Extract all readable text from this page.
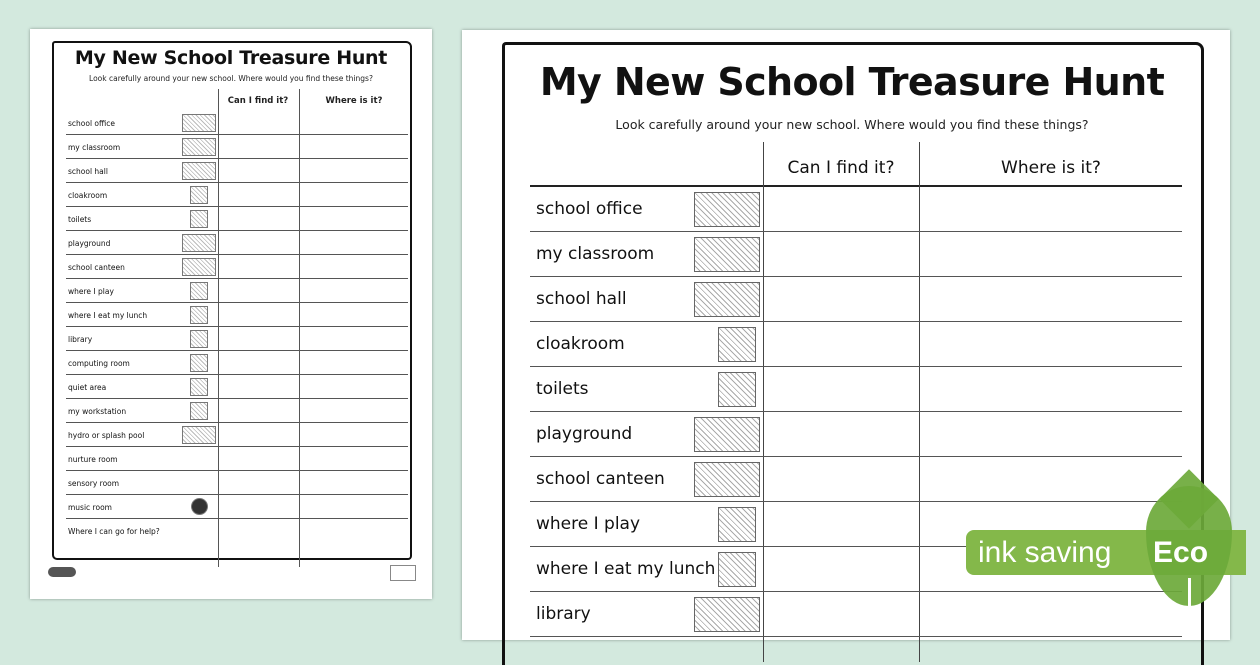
My New School Treasure Hunt
Look carefully around your new school. Where would you find these things?
Can I find it?	Where is it?
school office
my classroom
school hall
cloakroom
toilets
playground
school canteen
where I play
where I eat my lunch
library
computing room
quiet area
my workstation
hydro or splash pool
nurture room
sensory room
music room
Where I can go for help?
My New School Treasure Hunt
Look carefully around your new school. Where would you find these things?
Can I find it?	Where is it?
school office
my classroom
school hall
cloakroom
toilets
playground
school canteen
where I play
where I eat my lunch
library
ink saving Eco
